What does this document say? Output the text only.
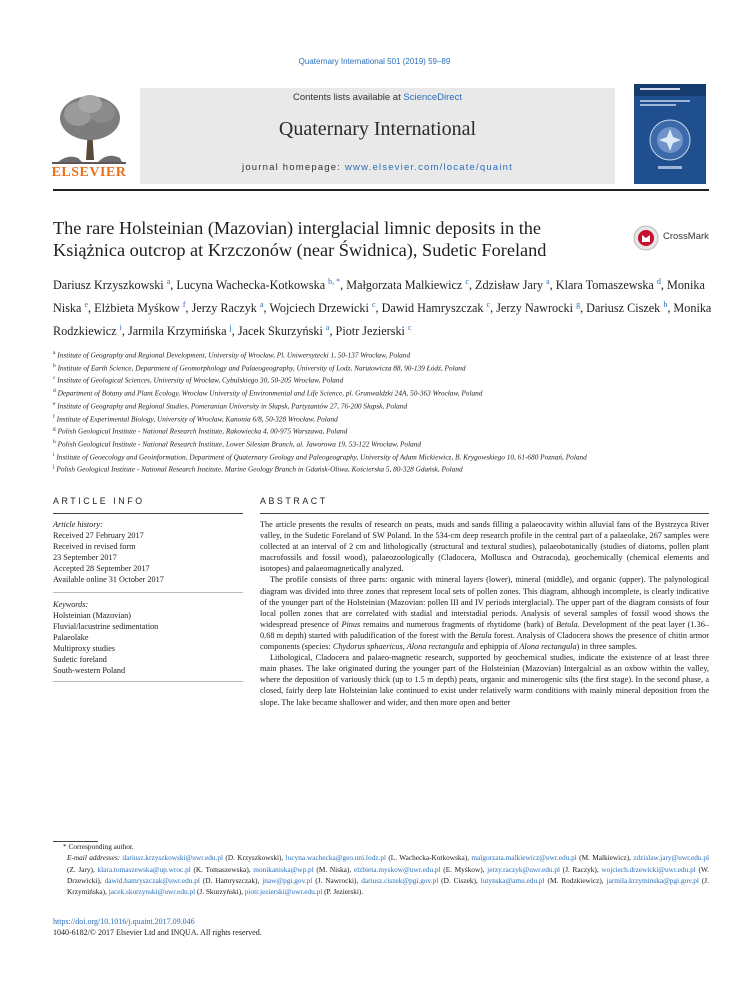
Quaternary International 501 (2019) 59–89
ELSEVIER
Contents lists available at ScienceDirect
Quaternary International
journal homepage: www.elsevier.com/locate/quaint
The rare Holsteinian (Mazovian) interglacial limnic deposits in the Książnica outcrop at Krzczonów (near Świdnica), Sudetic Foreland
CrossMark
Dariusz Krzyszkowski $^a$, Lucyna Wachecka-Kotkowska $^{b, *}$, Małgorzata Malkiewicz $^c$, Zdzisław Jary $^a$, Klara Tomaszewska $^d$, Monika Niska $^e$, Elżbieta Myśkow $^f$, Jerzy Raczyk $^a$, Wojciech Drzewicki $^c$, Dawid Hamryszczak $^c$, Jerzy Nawrocki $^g$, Dariusz Ciszek $^h$, Monika Rodzkiewicz $^i$, Jarmila Krzymińska $^j$, Jacek Skurzyński $^a$, Piotr Jezierski $^c$
$^a$ Institute of Geography and Regional Development, University of Wrocław, Pl. Uniwersytecki 1, 50-137 Wrocław, Poland
$^b$ Institute of Earth Science, Department of Geomorphology and Palaeogeography, University of Lodz, Narutowicza 88, 90-139 Łódź, Poland
$^c$ Institute of Geological Sciences, University of Wrocław, Cybulskiego 30, 50-205 Wrocław, Poland
$^d$ Department of Botany and Plant Ecology, Wrocław University of Environmental and Life Science, pl. Grunwaldzki 24A, 50-363 Wrocław, Poland
$^e$ Institute of Geography and Regional Studies, Pomeranian University in Słupsk, Partyzantów 27, 76-200 Słupsk, Poland
$^f$ Institute of Experimental Biology, University of Wrocław, Kanonia 6/8, 50-328 Wrocław, Poland
$^g$ Polish Geological Institute - National Research Institute, Rakowiecka 4, 00-975 Warszawa, Poland
$^h$ Polish Geological Institute - National Research Institute, Lower Silesian Branch, al. Jaworowa 19, 53-122 Wrocław, Poland
$^i$ Institute of Geoecology and Geoinformation, Department of Quaternary Geology and Paleogeography, University of Adam Mickiewicz, B. Krygowskiego 10, 61-680 Poznań, Poland
$^j$ Polish Geological Institute - National Research Institute, Marine Geology Branch in Gdańsk-Oliwa, Kościerska 5, 80-328 Gdańsk, Poland
ARTICLE INFO	ABSTRACT
Article history:
Received 27 February 2017
Received in revised form
23 September 2017
Accepted 28 September 2017
Available online 31 October 2017
Keywords:
Holsteinian (Mazovian)
Fluvial/lacustrine sedimentation
Palaeolake
Multiproxy studies
Sudetic foreland
South-western Poland

The article presents the results of research on peats, muds and sands filling a palaeocavity within alluvial fans of the Bystrzyca River valley, in the Sudetic Foreland of SW Poland. In the 534-cm deep research profile in the central part of a palaeolake, 267 samples were collected at an interval of 2 cm and lithologically (structural and textural studies), palaeobotanically (studies of diatoms, pollen plant macrofossils and fossil wood), palaeozoologically (Cladocera, Mollusca and Ostracoda), geochemically (chemical elements and isotopes) and palaeomagnetically analyzed.

The profile consists of three parts: organic with mineral layers (lower), mineral (middle), and organic (upper). The palynological diagram was divided into three zones that represent local sets of pollen zones. This diagram, although incomplete, is clearly indicative of the younger part of the Holsteinian (Mazovian: pollen III and IV periods interglacial). The upper part of the diagram consists of four local pollen zones that are correlated with stadial and interstadial periods. Analysis of several samples of fossil wood shows the widespread presence of Pinus remains and numerous fragments of rhytidome (bark) of Betula. Development of the peat layer (1.36–0.68 m depth) started with paludification of the forest with the Betula forest. Analysis of Cladocera shows the presence of chitin armor components (species: Chydorus sphaericus, Alona rectangula and ephippia of Alona rectangula) in three samples.

Lithological, Cladocera and palaeo-magnetic research, supported by geochemical studies, indicate the existence of at least three main phases. The lake originated during the younger part of the Holsteinian (Mazovian) Intergalcial as an oxbow within the valley, where the deposition of variously thick (up to 1.5 m depth) peats, organic and minerogenic silts (the first stage). In the second phase, a closed, fairly deep late Holsteinian lake continued to exist under relatively warm conditions with mainly mineral deposition from the slope. The lake became shallower and wider, and then more open and better

* Corresponding author.
E-mail addresses: dariusz.krzyszkowski@uwr.edu.pl (D. Krzyszkowski), lucyna.wachecka@geo.uni.lodz.pl (L. Wachecka-Kotkowska), malgorzata.malkiewicz@uwr.edu.pl (M. Malkiewicz), zdzislaw.jary@uwr.edu.pl (Z. Jary), klara.tomaszewska@up.wroc.pl (K. Tomaszewska), monikaniska@wp.pl (M. Niska), elzbieta.myskow@uwr.edu.pl (E. Myśkow), jerzy.raczyk@uwr.edu.pl (J. Raczyk), wojciech.drzewicki@uwr.edu.pl (W. Drzewicki), dawid.hamryszczak@uwr.edu.pl (D. Hamryszczak), jnaw@pgi.gov.pl (J. Nawrocki), dariusz.ciszek@pgi.gov.pl (D. Ciszek), lutynska@amu.edu.pl (M. Rodzkiewicz), jarmila.krzyminska@pgi.gov.pl (J. Krzymińska), jacek.skurzynski@uwr.edu.pl (J. Skurzyński), piotr.jezierski@uwr.edu.pl (P. Jezierski).
https://doi.org/10.1016/j.quaint.2017.09.046
1040-6182/© 2017 Elsevier Ltd and INQUA. All rights reserved.
